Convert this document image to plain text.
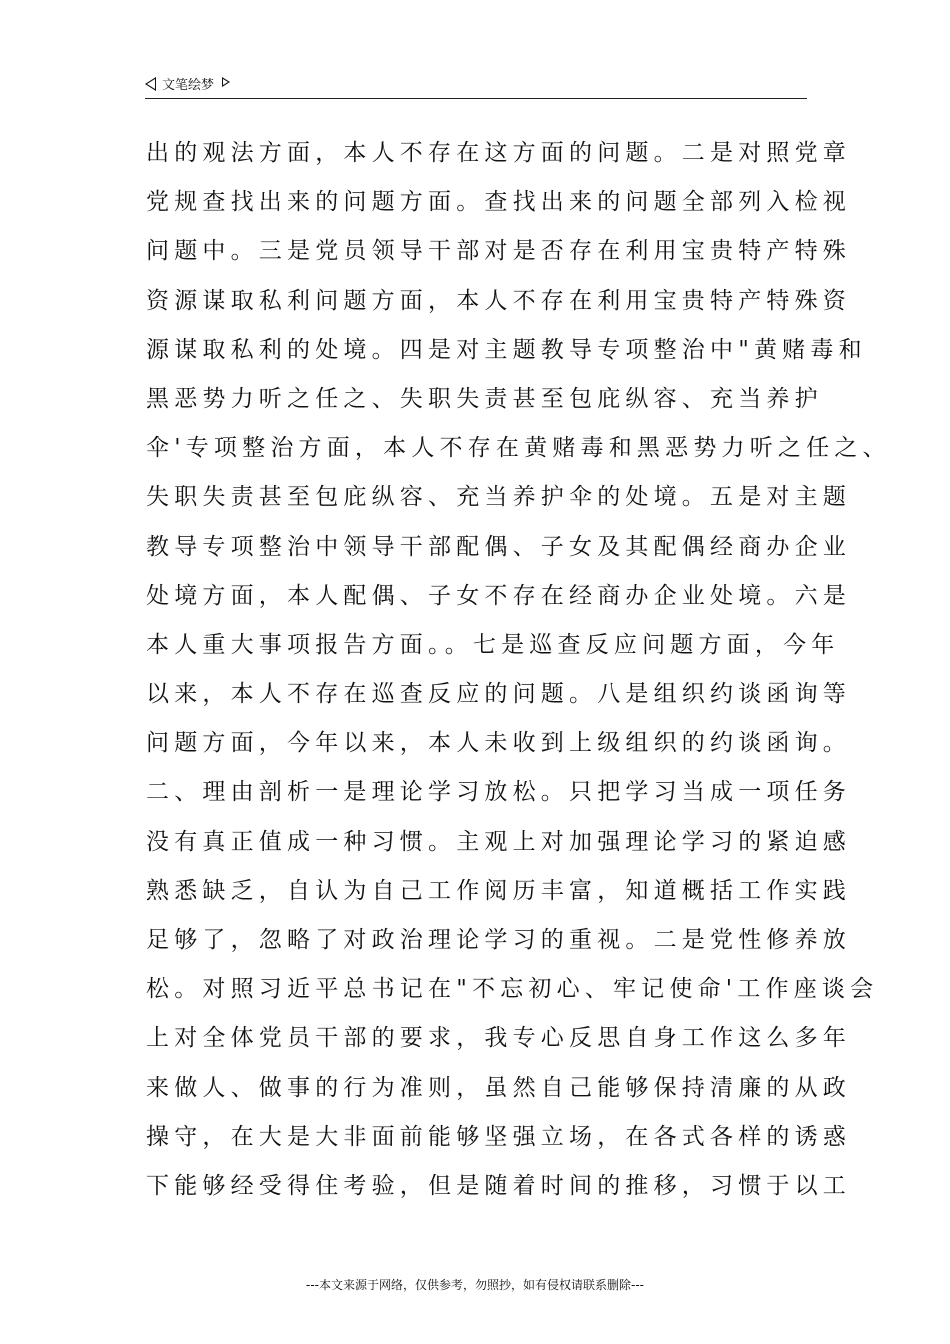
文笔绘梦
出的观法方面，本人不存在这方面的问题。二是对照党章
党规查找出来的问题方面。查找出来的问题全部列入检视
问题中。三是党员领导干部对是否存在利用宝贵特产特殊
资源谋取私利问题方面，本人不存在利用宝贵特产特殊资
源谋取私利的处境。四是对主题教导专项整治中"黄赌毒和
黑恶势力听之任之、失职失责甚至包庇纵容、充当养护
伞'专项整治方面，本人不存在黄赌毒和黑恶势力听之任之、
失职失责甚至包庇纵容、充当养护伞的处境。五是对主题
教导专项整治中领导干部配偶、子女及其配偶经商办企业
处境方面，本人配偶、子女不存在经商办企业处境。六是
本人重大事项报告方面。。七是巡查反应问题方面，今年
以来，本人不存在巡查反应的问题。八是组织约谈函询等
问题方面，今年以来，本人未收到上级组织的约谈函询。
二、理由剖析一是理论学习放松。只把学习当成一项任务
没有真正值成一种习惯。主观上对加强理论学习的紧迫感
熟悉缺乏，自认为自己工作阅历丰富，知道概括工作实践
足够了，忽略了对政治理论学习的重视。二是党性修养放
松。对照习近平总书记在"不忘初心、牢记使命'工作座谈会
上对全体党员干部的要求，我专心反思自身工作这么多年
来做人、做事的行为准则，虽然自己能够保持清廉的从政
操守，在大是大非面前能够坚强立场，在各式各样的诱惑
下能够经受得住考验，但是随着时间的推移，习惯于以工
---本文来源于网络，仅供参考，勿照抄，如有侵权请联系删除---
